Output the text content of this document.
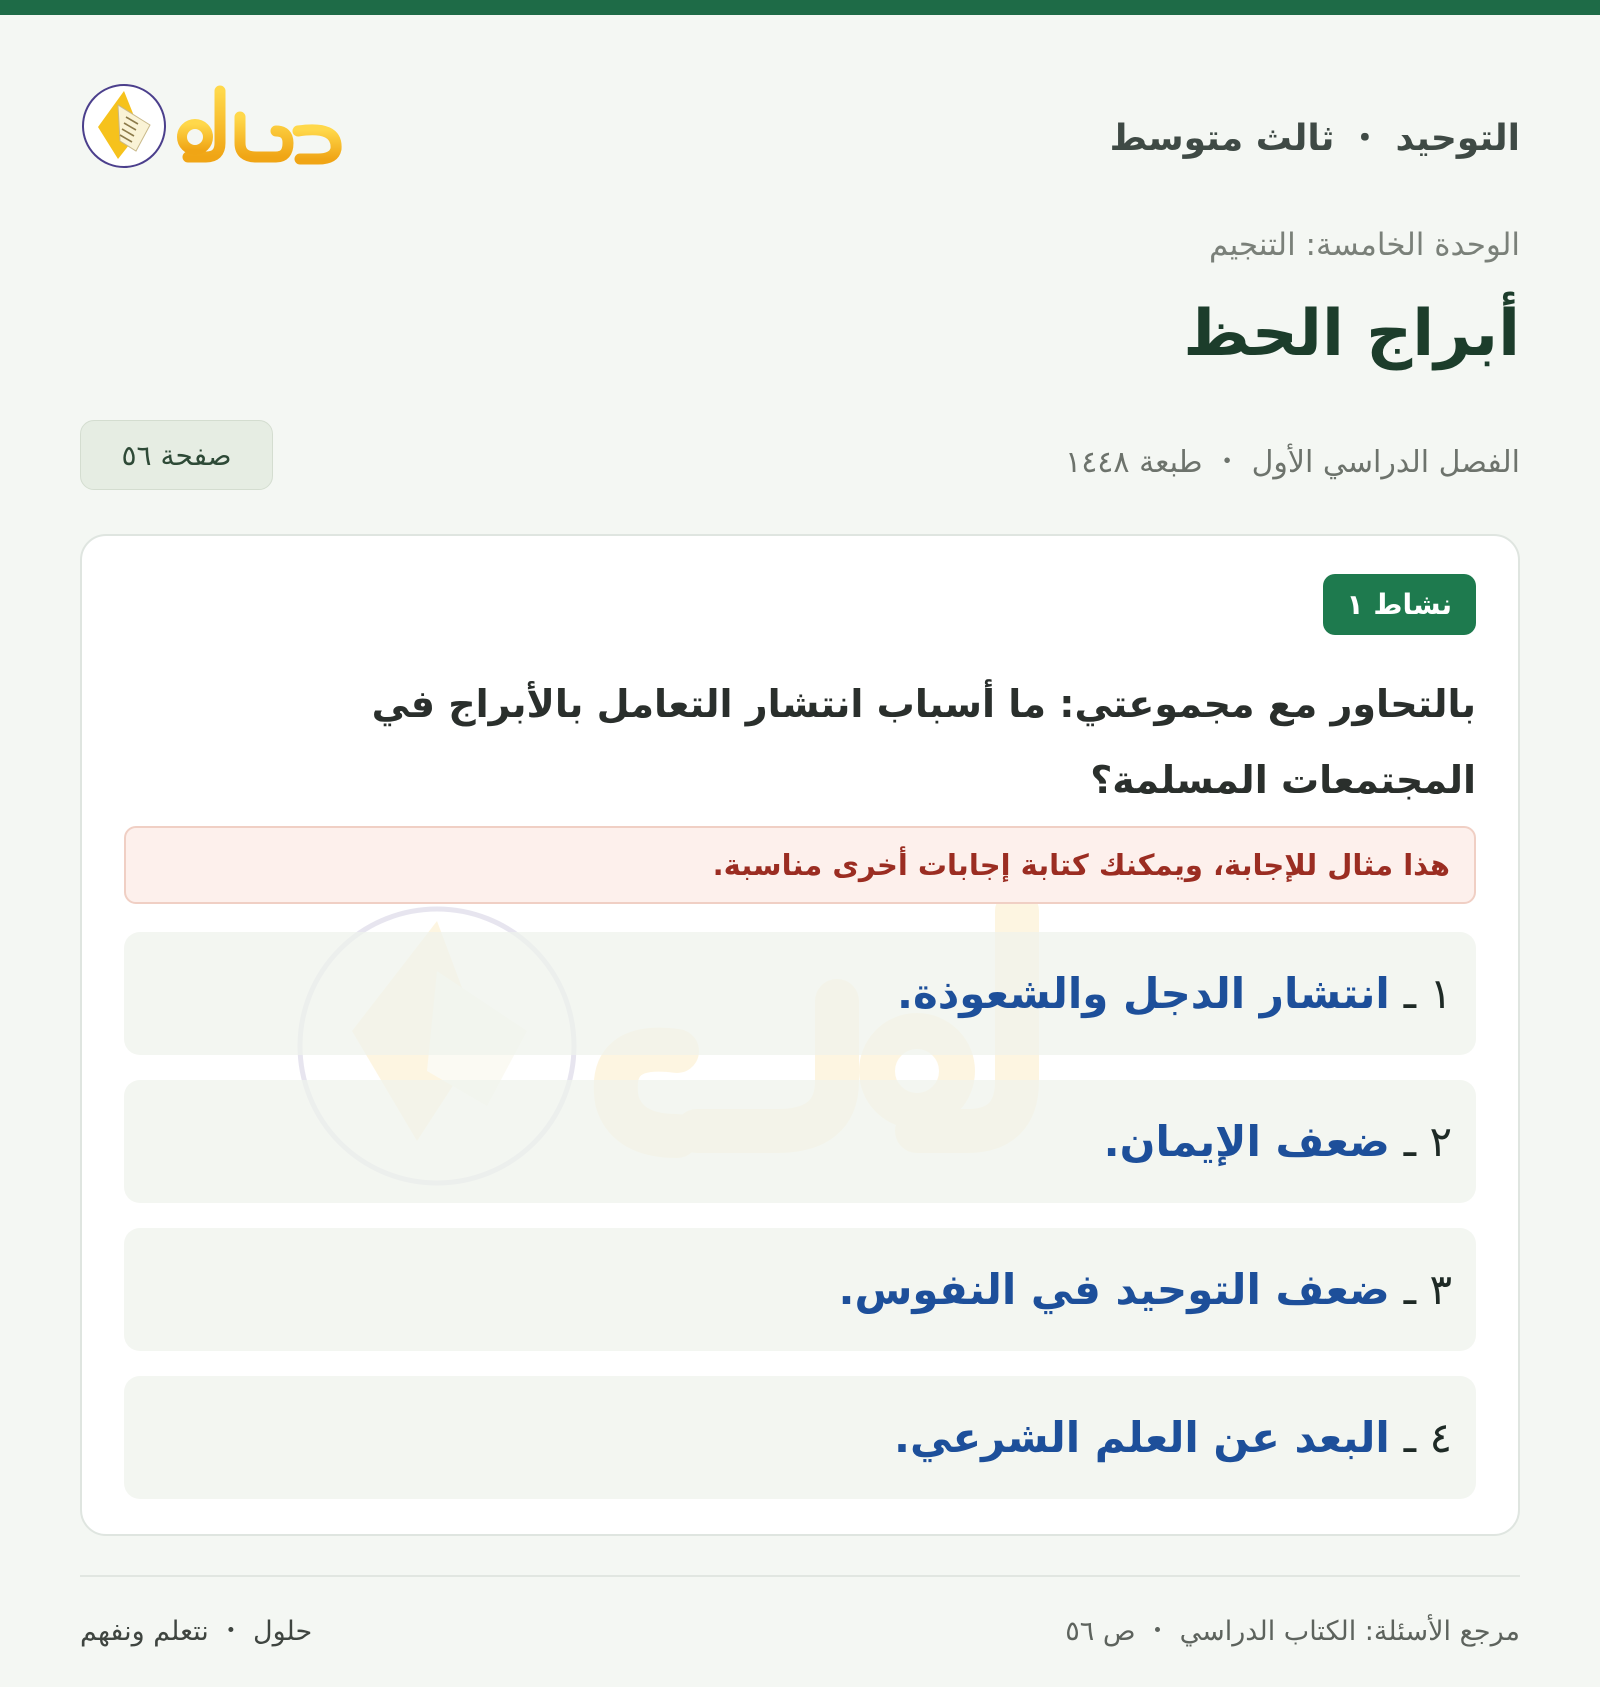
التوحيد ・ ثالث متوسط
الوحدة الخامسة: التنجيم
أبراج الحظ
الفصل الدراسي الأول ・ طبعة ١٤٤٨
صفحة ٥٦
نشاط ١
بالتحاور مع مجموعتي: ما أسباب انتشار التعامل بالأبراج في المجتمعات المسلمة؟
هذا مثال للإجابة، ويمكنك كتابة إجابات أخرى مناسبة.
١ ـ
انتشار الدجل والشعوذة.
٢ ـ
ضعف الإيمان.
٣ ـ
ضعف التوحيد في النفوس.
٤ ـ
البعد عن العلم الشرعي.
مرجع الأسئلة: الكتاب الدراسي ・ ص ٥٦
حلول ・ نتعلم ونفهم
